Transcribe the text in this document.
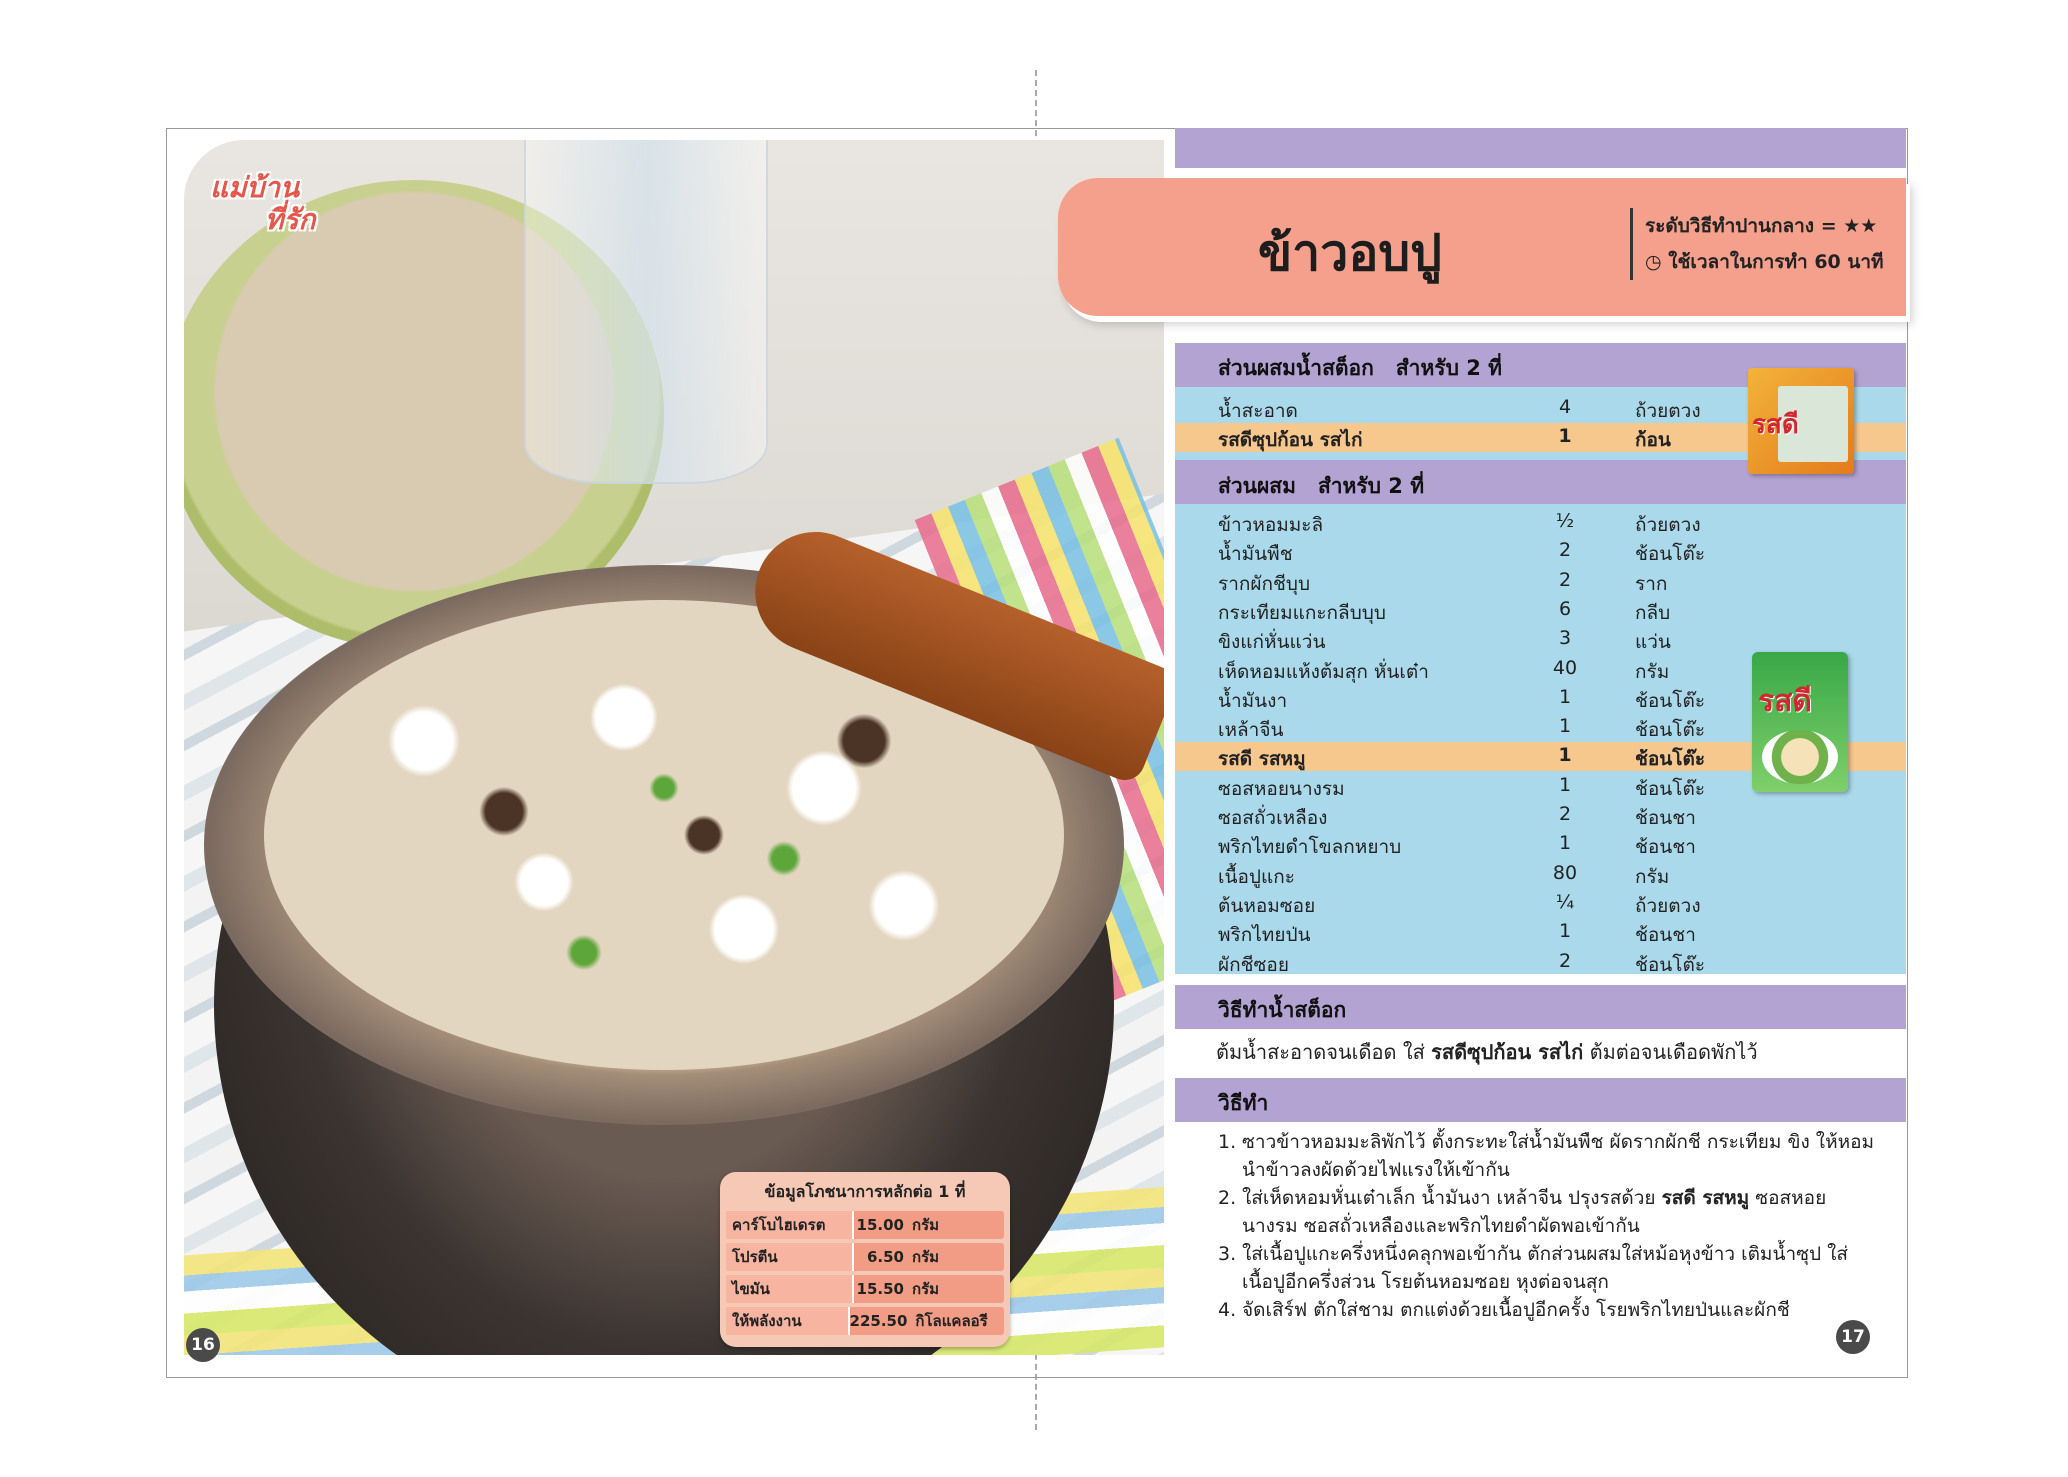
แม่บ้าน
ที่รัก
16
ข้อมูลโภชนาการหลักต่อ 1 ที่
คาร์โบไฮเดรต	15.00 กรัม
โปรตีน	6.50 กรัม
ไขมัน	15.50 กรัม
ให้พลังงาน	225.50 กิโลแคลอรี
ข้าวอบปู	ระดับวิธีทำปานกลาง = ★★
◷ ใช้เวลาในการทำ 60 นาที
ส่วนผสมน้ำสต็อก สำหรับ 2 ที่
น้ำสะอาด	4	ถ้วยตวง
รสดีซุปก้อน รสไก่	1	ก้อน
ส่วนผสม สำหรับ 2 ที่
ข้าวหอมมะลิ	½	ถ้วยตวง
น้ำมันพืช	2	ช้อนโต๊ะ
รากผักชีบุบ	2	ราก
กระเทียมแกะกลีบบุบ	6	กลีบ
ขิงแก่หั่นแว่น	3	แว่น
เห็ดหอมแห้งต้มสุก หั่นเต๋า	40	กรัม
น้ำมันงา	1	ช้อนโต๊ะ
เหล้าจีน	1	ช้อนโต๊ะ
รสดี รสหมู	1	ช้อนโต๊ะ
ซอสหอยนางรม	1	ช้อนโต๊ะ
ซอสถั่วเหลือง	2	ช้อนชา
พริกไทยดำโขลกหยาบ	1	ช้อนชา
เนื้อปูแกะ	80	กรัม
ต้นหอมซอย	¼	ถ้วยตวง
พริกไทยป่น	1	ช้อนชา
ผักชีซอย	2	ช้อนโต๊ะ
รสดี
รสดี
วิธีทำน้ำสต็อก
ต้มน้ำสะอาดจนเดือด ใส่ รสดีซุปก้อน รสไก่ ต้มต่อจนเดือดพักไว้
วิธีทำ
1. ซาวข้าวหอมมะลิพักไว้ ตั้งกระทะใส่น้ำมันพืช ผัดรากผักชี กระเทียม ขิง ให้หอม นำข้าวลงผัดด้วยไฟแรงให้เข้ากัน
2. ใส่เห็ดหอมหั่นเต๋าเล็ก น้ำมันงา เหล้าจีน ปรุงรสด้วย รสดี รสหมู ซอสหอยนางรม ซอสถั่วเหลืองและพริกไทยดำผัดพอเข้ากัน
3. ใส่เนื้อปูแกะครึ่งหนึ่งคลุกพอเข้ากัน ตักส่วนผสมใส่หม้อหุงข้าว เติมน้ำซุป ใส่เนื้อปูอีกครึ่งส่วน โรยต้นหอมซอย หุงต่อจนสุก
4. จัดเสิร์ฟ ตักใส่ชาม ตกแต่งด้วยเนื้อปูอีกครั้ง โรยพริกไทยป่นและผักชี
17
